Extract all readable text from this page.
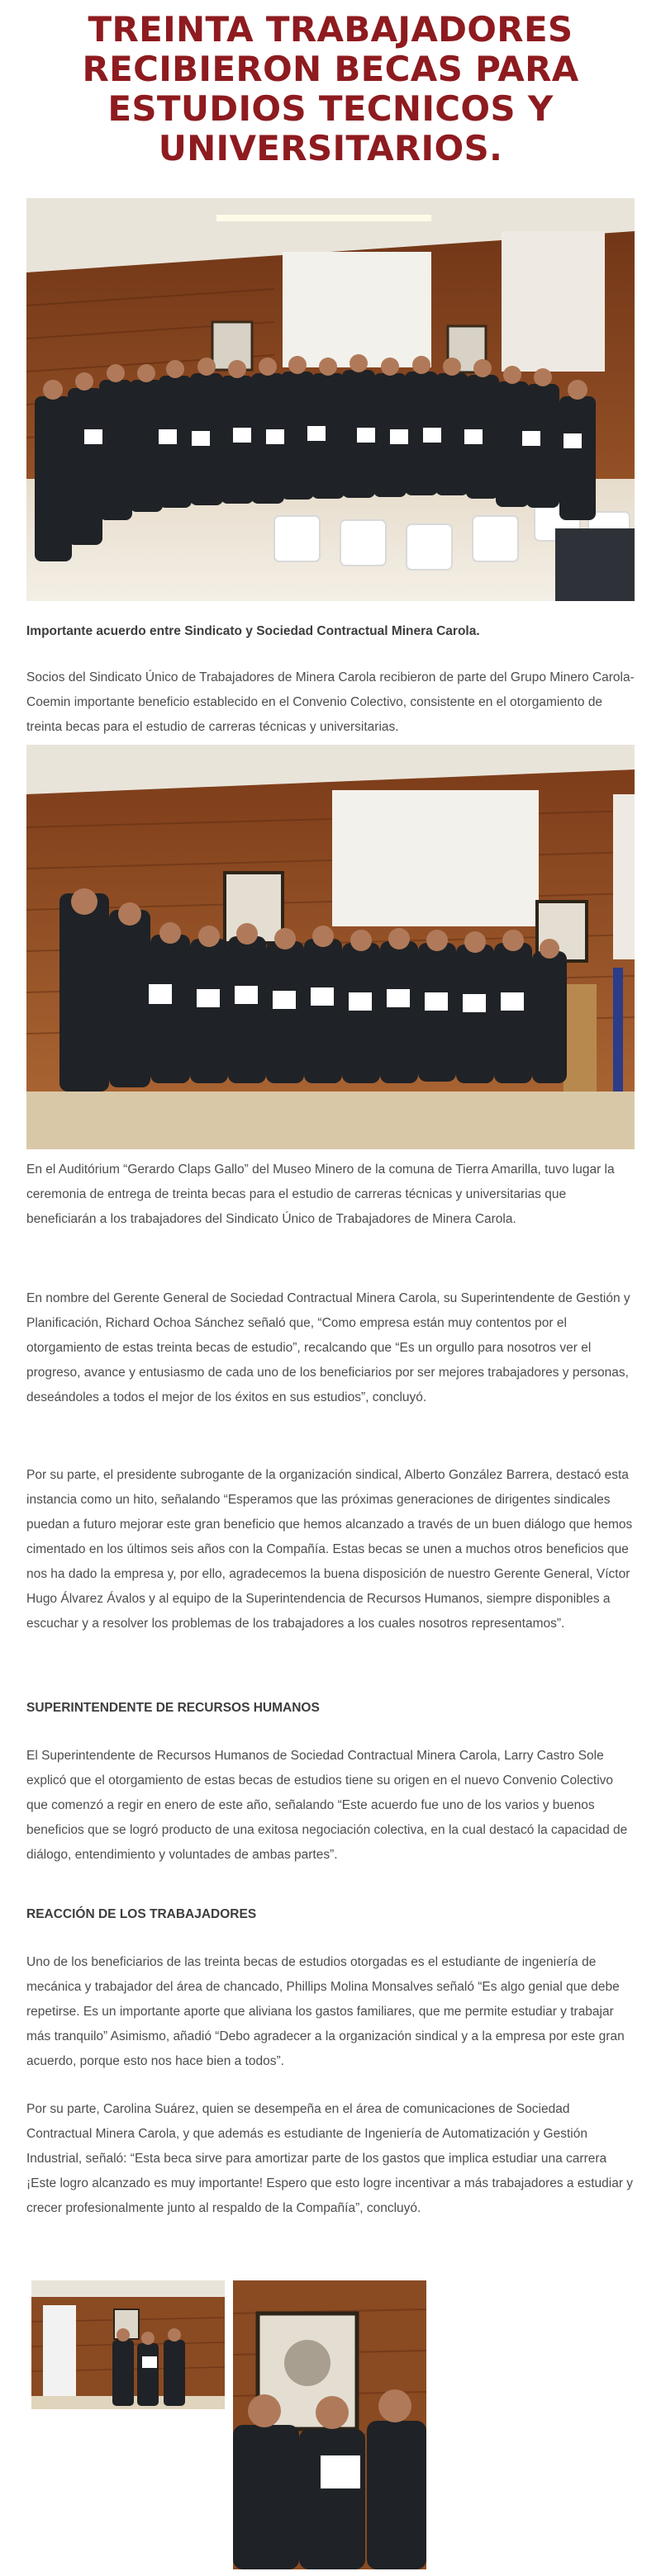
TREINTA TRABAJADORES RECIBIERON BECAS PARA ESTUDIOS TECNICOS Y UNIVERSITARIOS.

Importante acuerdo entre Sindicato y Sociedad Contractual Minera Carola.

Socios del Sindicato Único de Trabajadores de Minera Carola recibieron de parte del Grupo Minero Carola-Coemin importante beneficio establecido en el Convenio Colectivo, consistente en el otorgamiento de treinta becas para el estudio de carreras técnicas y universitarias.

En el Auditórium “Gerardo Claps Gallo” del Museo Minero de la comuna de Tierra Amarilla, tuvo lugar la ceremonia de entrega de treinta becas para el estudio de carreras técnicas y universitarias que beneficiarán a los trabajadores del Sindicato Único de Trabajadores de Minera Carola.

En nombre del Gerente General de Sociedad Contractual Minera Carola, su Superintendente de Gestión y Planificación, Richard Ochoa Sánchez señaló que, “Como empresa están muy contentos por el otorgamiento de estas treinta becas de estudio”, recalcando que “Es un orgullo para nosotros ver el progreso, avance y entusiasmo de cada uno de los beneficiarios por ser mejores trabajadores y personas, deseándoles a todos el mejor de los éxitos en sus estudios”, concluyó.

Por su parte, el presidente subrogante de la organización sindical, Alberto González Barrera, destacó esta instancia como un hito, señalando “Esperamos que las próximas generaciones de dirigentes sindicales puedan a futuro mejorar este gran beneficio que hemos alcanzado a través de un buen diálogo que hemos cimentado en los últimos seis años con la Compañía. Estas becas se unen a muchos otros beneficios que nos ha dado la empresa y, por ello, agradecemos la buena disposición de nuestro Gerente General, Víctor Hugo Álvarez Ávalos y al equipo de la Superintendencia de Recursos Humanos, siempre disponibles a escuchar y a resolver los problemas de los trabajadores a los cuales nosotros representamos”.

SUPERINTENDENTE DE RECURSOS HUMANOS

El Superintendente de Recursos Humanos de Sociedad Contractual Minera Carola, Larry Castro Sole explicó que el otorgamiento de estas becas de estudios tiene su origen en el nuevo Convenio Colectivo que comenzó a regir en enero de este año, señalando “Este acuerdo fue uno de los varios y buenos beneficios que se logró producto de una exitosa negociación colectiva, en la cual destacó la capacidad de diálogo, entendimiento y voluntades de ambas partes”.

REACCIÓN DE LOS TRABAJADORES

Uno de los beneficiarios de las treinta becas de estudios otorgadas es el estudiante de ingeniería de mecánica y trabajador del área de chancado, Phillips Molina Monsalves señaló “Es algo genial que debe repetirse. Es un importante aporte que aliviana los gastos familiares, que me permite estudiar y trabajar más tranquilo” Asimismo, añadió “Debo agradecer a la organización sindical y a la empresa por este gran acuerdo, porque esto nos hace bien a todos”.

Por su parte, Carolina Suárez, quien se desempeña en el área de comunicaciones de Sociedad Contractual Minera Carola, y que además es estudiante de Ingeniería de Automatización y Gestión Industrial, señaló: “Esta beca sirve para amortizar parte de los gastos que implica estudiar una carrera ¡Este logro alcanzado es muy importante! Espero que esto logre incentivar a más trabajadores a estudiar y crecer profesionalmente junto al respaldo de la Compañía”, concluyó.
